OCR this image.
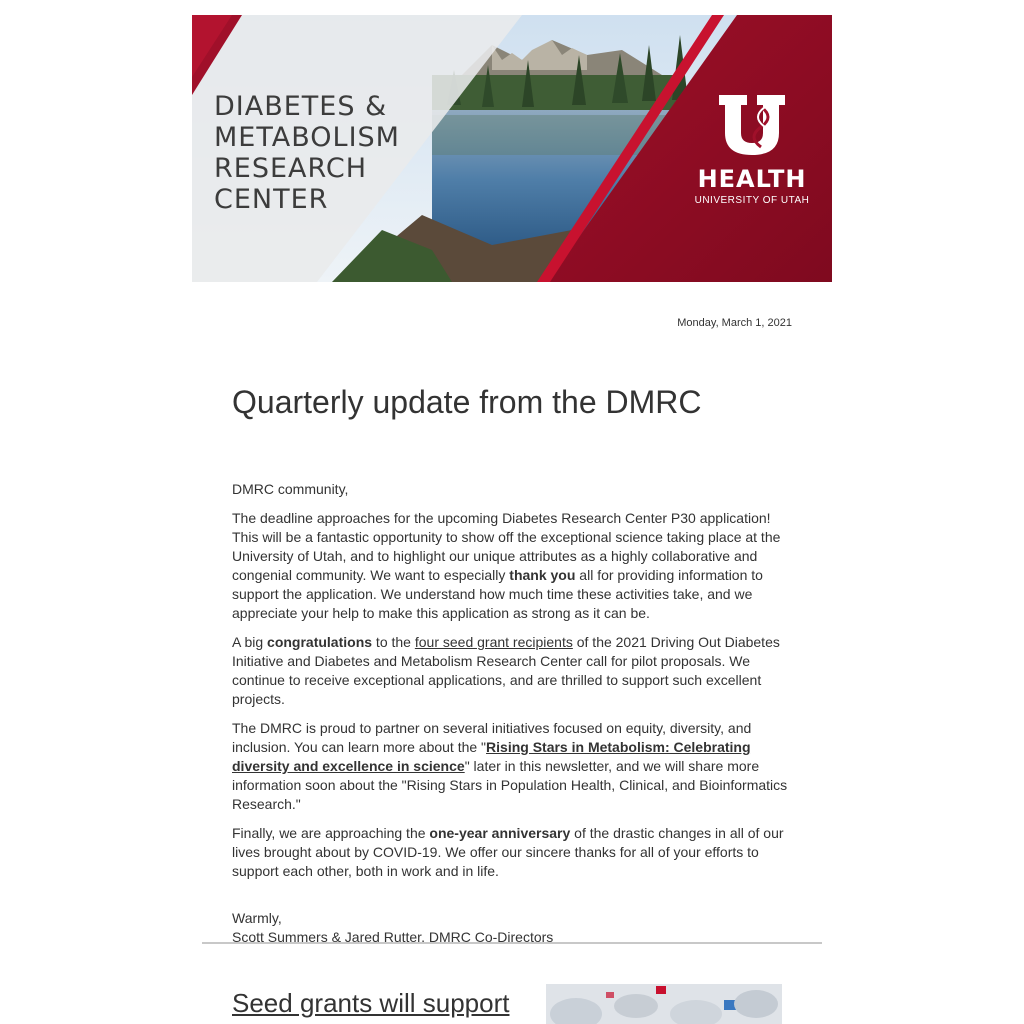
DIABETES &
METABOLISM
RESEARCH
CENTER
HEALTH
UNIVERSITY OF UTAH
Monday, March 1, 2021
Quarterly update from the DMRC

DMRC community,

The deadline approaches for the upcoming Diabetes Research Center P30 application! This will be a fantastic opportunity to show off the exceptional science taking place at the University of Utah, and to highlight our unique attributes as a highly collaborative and congenial community. We want to especially thank you all for providing information to support the application. We understand how much time these activities take, and we appreciate your help to make this application as strong as it can be.

A big congratulations to the four seed grant recipients of the 2021 Driving Out Diabetes Initiative and Diabetes and Metabolism Research Center call for pilot proposals. We continue to receive exceptional applications, and are thrilled to support such excellent projects.

The DMRC is proud to partner on several initiatives focused on equity, diversity, and inclusion. You can learn more about the "Rising Stars in Metabolism: Celebrating diversity and excellence in science" later in this newsletter, and we will share more information soon about the "Rising Stars in Population Health, Clinical, and Bioinformatics Research."

Finally, we are approaching the one-year anniversary of the drastic changes in all of our lives brought about by COVID-19. We offer our sincere thanks for all of your efforts to support each other, both in work and in life.

Warmly,
Scott Summers & Jared Rutter, DMRC Co-Directors
Seed grants will support
